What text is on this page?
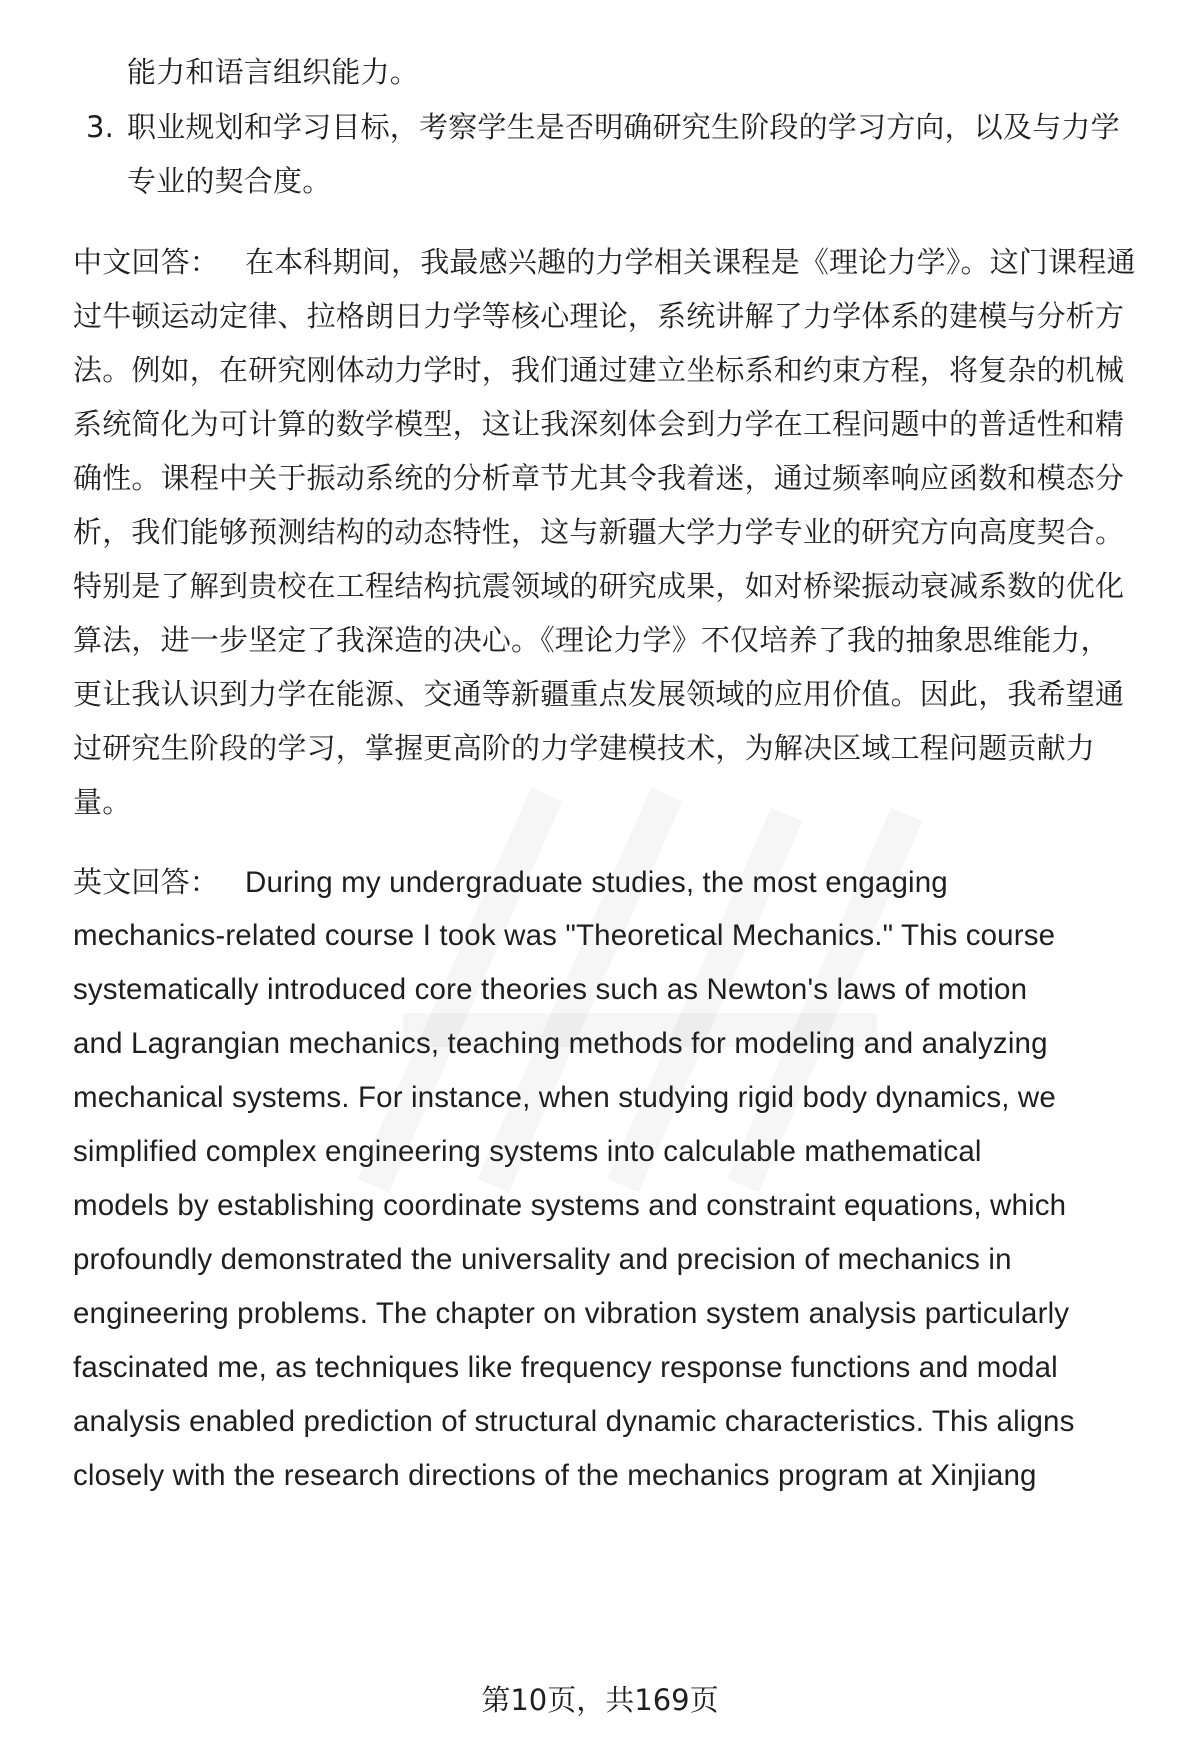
能力和语言组织能力。
3. 职业规划和学习目标，考察学生是否明确研究生阶段的学习方向，以及与力学
专业的契合度。
中文回答： 在本科期间，我最感兴趣的力学相关课程是《理论力学》。这门课程通
过牛顿运动定律、拉格朗日力学等核心理论，系统讲解了力学体系的建模与分析方
法。例如，在研究刚体动力学时，我们通过建立坐标系和约束方程，将复杂的机械
系统简化为可计算的数学模型，这让我深刻体会到力学在工程问题中的普适性和精
确性。课程中关于振动系统的分析章节尤其令我着迷，通过频率响应函数和模态分
析，我们能够预测结构的动态特性，这与新疆大学力学专业的研究方向高度契合。
特别是了解到贵校在工程结构抗震领域的研究成果，如对桥梁振动衰减系数的优化
算法，进一步坚定了我深造的决心。《理论力学》不仅培养了我的抽象思维能力，
更让我认识到力学在能源、交通等新疆重点发展领域的应用价值。因此，我希望通
过研究生阶段的学习，掌握更高阶的力学建模技术，为解决区域工程问题贡献力
量。
英文回答： During my undergraduate studies, the most engaging
mechanics-related course I took was "Theoretical Mechanics." This course
systematically introduced core theories such as Newton's laws of motion
and Lagrangian mechanics, teaching methods for modeling and analyzing
mechanical systems. For instance, when studying rigid body dynamics, we
simplified complex engineering systems into calculable mathematical
models by establishing coordinate systems and constraint equations, which
profoundly demonstrated the universality and precision of mechanics in
engineering problems. The chapter on vibration system analysis particularly
fascinated me, as techniques like frequency response functions and modal
analysis enabled prediction of structural dynamic characteristics. This aligns
closely with the research directions of the mechanics program at Xinjiang
第10页，共169页
